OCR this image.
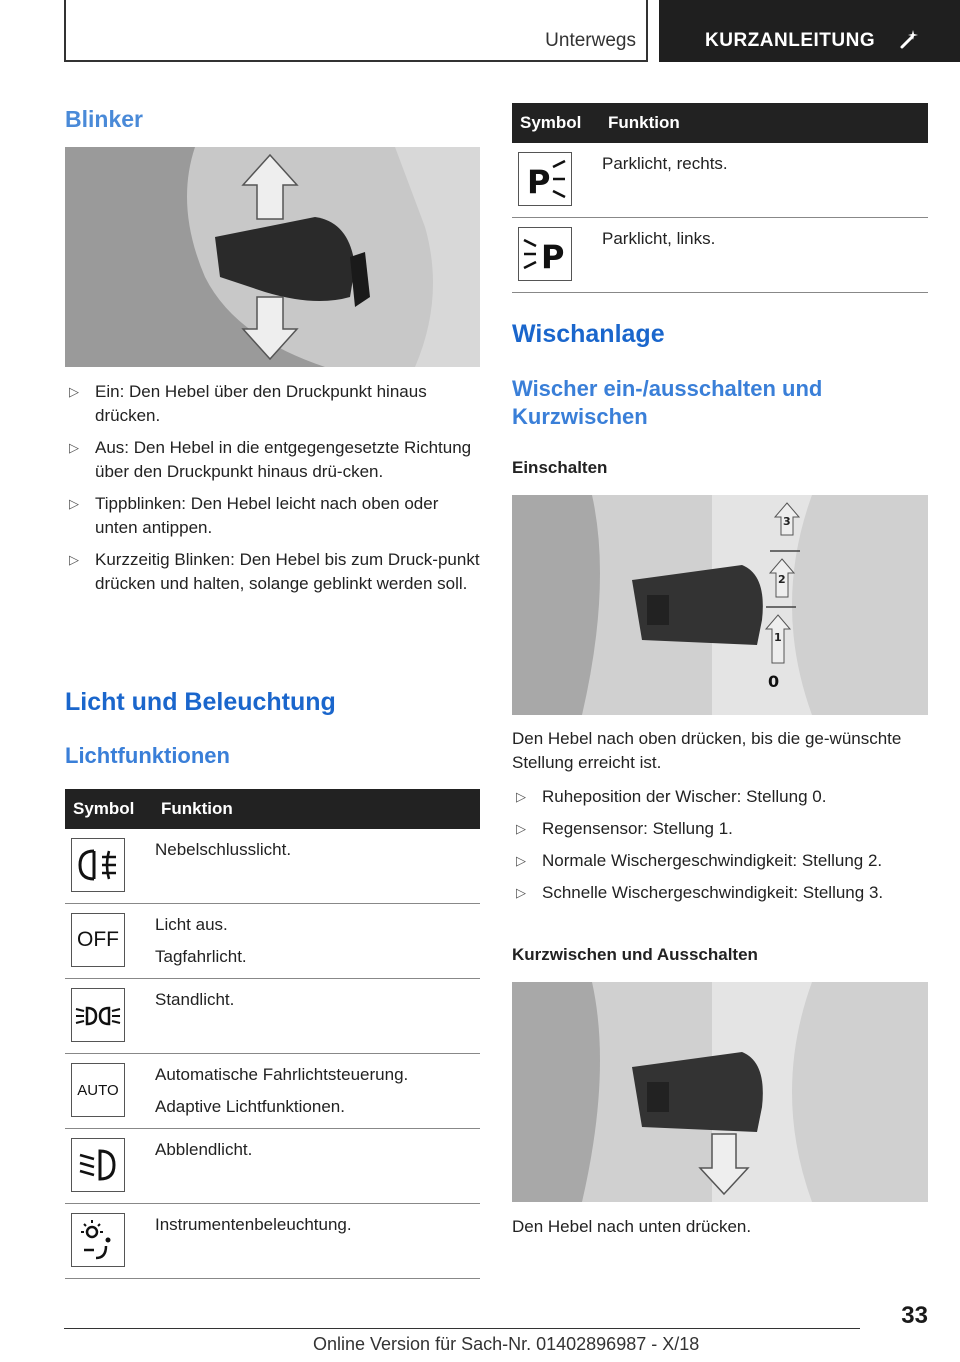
Unterwegs	KURZANLEITUNG
Blinker
▷ Ein: Den Hebel über den Druckpunkt hinaus drücken.
▷ Aus: Den Hebel in die entgegengesetzte Richtung über den Druckpunkt hinaus drü‐cken.
▷ Tippblinken: Den Hebel leicht nach oben oder unten antippen.
▷ Kurzzeitig Blinken: Den Hebel bis zum Druck‐punkt drücken und halten, solange geblinkt werden soll.
Licht und Beleuchtung
Lichtfunktionen
Symbol	Funktion

Nebelschlusslicht.

OFF	Licht aus.
Tagfahrlicht.

Standlicht.

AUTO	Automatische Fahrlichtsteuerung.
Adaptive Lichtfunktionen.

Abblendlicht.

Instrumentenbeleuchtung.
Symbol	Funktion

P	Parklicht, rechts.

P	Parklicht, links.
Wischanlage
Wischer ein-/ausschalten und Kurzwischen
Einschalten
3
2
1
0

Den Hebel nach oben drücken, bis die ge‐wünschte Stellung erreicht ist.

▷ Ruheposition der Wischer: Stellung 0.
▷ Regensensor: Stellung 1.
▷ Normale Wischergeschwindigkeit: Stellung 2.
▷ Schnelle Wischergeschwindigkeit: Stellung 3.
Kurzwischen und Ausschalten

Den Hebel nach unten drücken.

33
Online Version für Sach-Nr. 01402896987 - X/18
